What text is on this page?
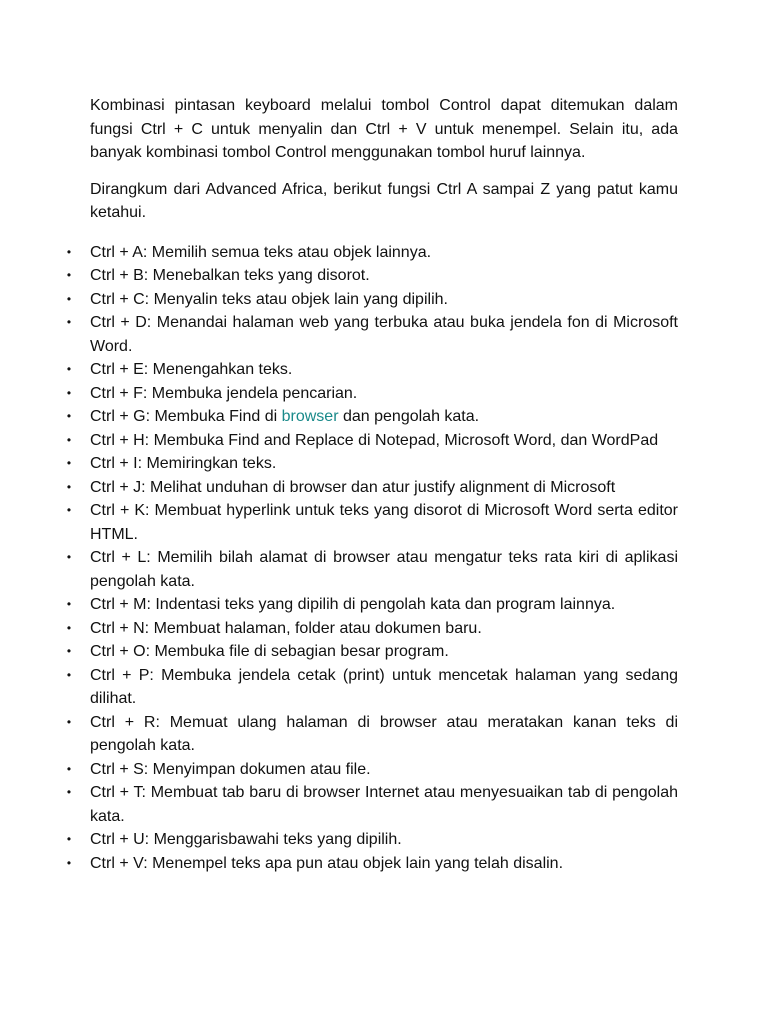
Kombinasi pintasan keyboard melalui tombol Control dapat ditemukan dalam fungsi Ctrl + C untuk menyalin dan Ctrl + V untuk menempel. Selain itu, ada banyak kombinasi tombol Control menggunakan tombol huruf lainnya.

Dirangkum dari Advanced Africa, berikut fungsi Ctrl A sampai Z yang patut kamu ketahui.

• Ctrl + A: Memilih semua teks atau objek lainnya.
• Ctrl + B: Menebalkan teks yang disorot.
• Ctrl + C: Menyalin teks atau objek lain yang dipilih.
• Ctrl + D: Menandai halaman web yang terbuka atau buka jendela fon di Microsoft Word.
• Ctrl + E: Menengahkan teks.
• Ctrl + F: Membuka jendela pencarian.
• Ctrl + G: Membuka Find di browser dan pengolah kata.
• Ctrl + H: Membuka Find and Replace di Notepad, Microsoft Word, dan WordPad
• Ctrl + I: Memiringkan teks.
• Ctrl + J: Melihat unduhan di browser dan atur justify alignment di Microsoft
• Ctrl + K: Membuat hyperlink untuk teks yang disorot di Microsoft Word serta editor HTML.
• Ctrl + L: Memilih bilah alamat di browser atau mengatur teks rata kiri di aplikasi pengolah kata.
• Ctrl + M: Indentasi teks yang dipilih di pengolah kata dan program lainnya.
• Ctrl + N: Membuat halaman, folder atau dokumen baru.
• Ctrl + O: Membuka file di sebagian besar program.
• Ctrl + P: Membuka jendela cetak (print) untuk mencetak halaman yang sedang dilihat.
• Ctrl + R: Memuat ulang halaman di browser atau meratakan kanan teks di pengolah kata.
• Ctrl + S: Menyimpan dokumen atau file.
• Ctrl + T: Membuat tab baru di browser Internet atau menyesuaikan tab di pengolah kata.
• Ctrl + U: Menggarisbawahi teks yang dipilih.
• Ctrl + V: Menempel teks apa pun atau objek lain yang telah disalin.
